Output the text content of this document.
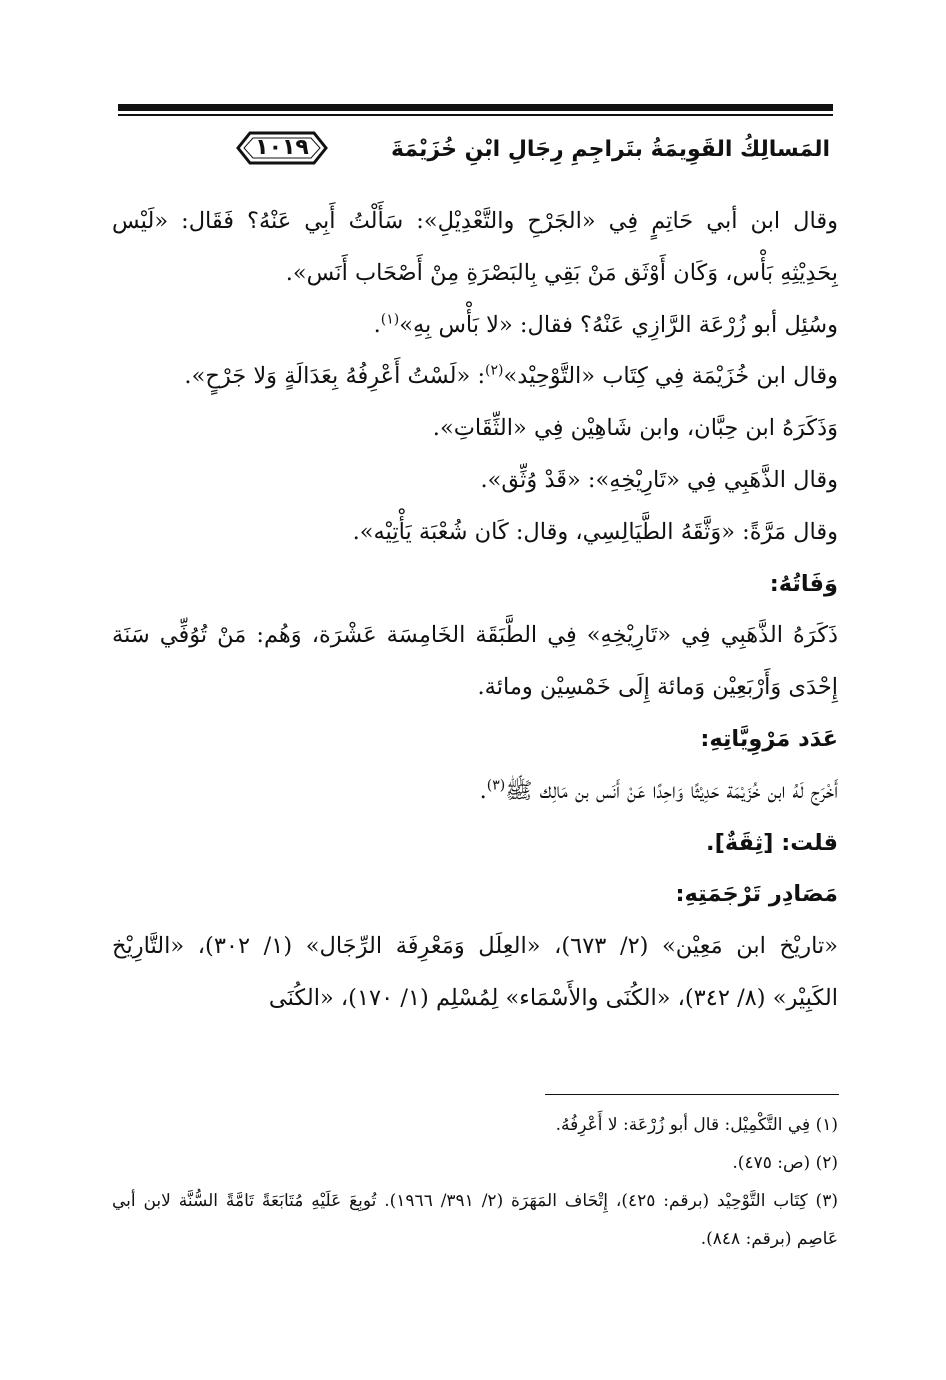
١٠١٩	المَسالِكُ القَوِيمَةُ بتَراجِمِ رِجَالِ ابْنِ خُزَيْمَةَ

وقال ابن أبي حَاتِمٍ فِي «الجَرْحِ والتَّعْدِيْلِ»: سَأَلْتُ أَبِي عَنْهُ؟ فَقَال: «لَيْس بِحَدِيْثِهِ بَأْس، وَكَان أَوْثَق مَنْ بَقِي بِالبَصْرَةِ مِنْ أَصْحَاب أَنَس».

وسُئِل أبو زُرْعَة الرَّازِي عَنْهُ؟ فقال: «لا بَأْس بِهِ»$^{(١)}$.

وقال ابن خُزَيْمَة فِي كِتَاب «التَّوْحِيْد»$^{(٢)}$: «لَسْتُ أَعْرِفُهُ بِعَدَالَةٍ وَلا جَرْحٍ».

وَذَكَرَهُ ابن حِبَّان، وابن شَاهِيْن فِي «الثِّقَاتِ».

وقال الذَّهَبِي فِي «تَارِيْخِهِ»: «قَدْ وُثِّق».

وقال مَرَّةً: «وَثَّقَهُ الطَّيَالِسِي، وقال: كَان شُعْبَة يَأْتِيْه».

وَفَاتُهُ:

ذَكَرَهُ الذَّهَبِي فِي «تَارِيْخِهِ» فِي الطَّبَقَة الخَامِسَة عَشْرَة، وَهُم: مَنْ تُوُفِّي سَنَة إِحْدَى وَأَرْبَعِيْن وَمائة إِلَى خَمْسِيْن ومائة.

عَدَد مَرْوِيَّاتِهِ:

أَخْرَج لَهُ ابن خُزَيْمَة حَدِيْثًا وَاحِدًا عَنْ أَنَس بن مَالِك ﷺ$^{(٣)}$.

قلت: [ثِقَةٌ].

مَصَادِر تَرْجَمَتِهِ:

«تاريْخ ابن مَعِيْن» (٢/ ٦٧٣)، «العِلَل وَمَعْرِفَة الرِّجَال» (١/ ٣٠٢)، «التَّارِيْخ الكَبِيْر» (٨/ ٣٤٢)، «الكُنَى والأَسْمَاء» لِمُسْلِم (١/ ١٧٠)، «الكُنَى

(١) فِي التَّكْمِيْل: قال أبو زُرْعَة: لا أَعْرِفُهُ.

(٢) (ص: ٤٧٥).

(٣) كِتَاب التَّوْحِيْد (برقم: ٤٢٥)، إِتْحَاف المَهَرَة (٢/ ٣٩١/ ١٩٦٦). تُوبِعَ عَلَيْهِ مُتَابَعَةً تَامَّةً السُّنَّة لابن أبي عَاصِم (برقم: ٨٤٨).
